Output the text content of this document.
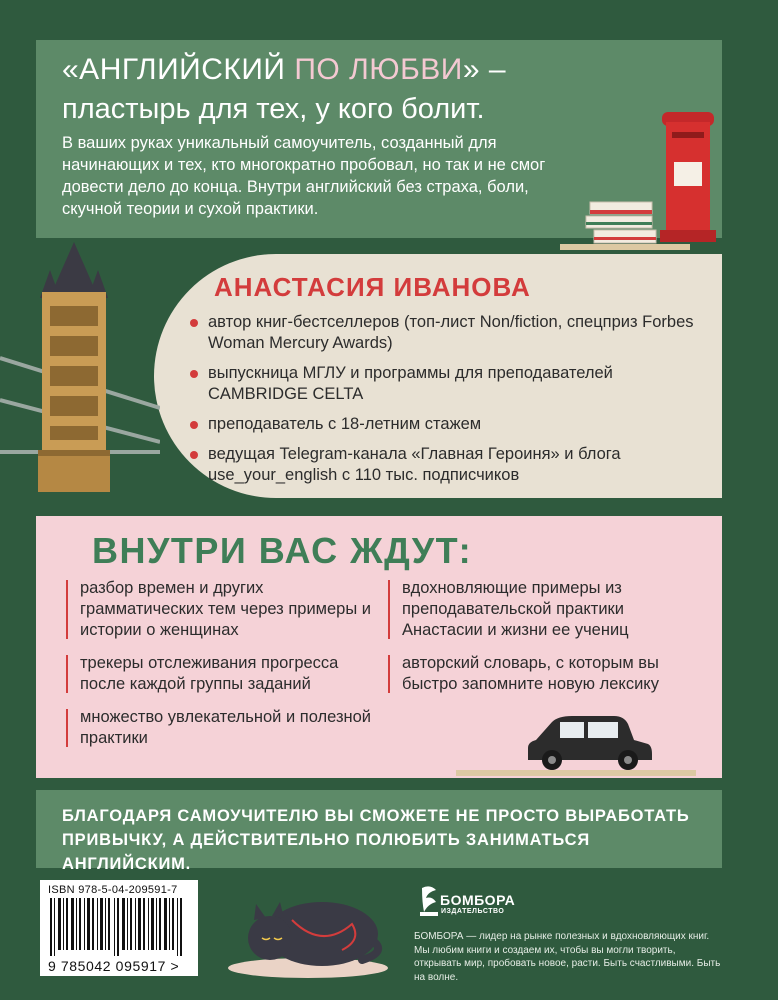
«АНГЛИЙСКИЙ ПО ЛЮБВИ» –
пластырь для тех, у кого болит.
В ваших руках уникальный самоучитель, созданный для начинающих и тех, кто многократно пробовал, но так и не смог довести дело до конца. Внутри английский без страха, боли, скучной теории и сухой практики.
АНАСТАСИЯ ИВАНОВА
автор книг-бестселлеров (топ-лист Non/fiction, спецприз Forbes Woman Mercury Awards)
выпускница МГЛУ и программы для преподавателей CAMBRIDGE CELTA
преподаватель с 18-летним стажем
ведущая Telegram-канала «Главная Героиня» и блога use_your_english с 110 тыс. подписчиков
ВНУТРИ ВАС ЖДУТ:
разбор времен и других грамматических тем через примеры и истории о женщинах
трекеры отслеживания прогресса после каждой группы заданий
множество увлекательной и полезной практики
вдохновляющие примеры из преподавательской практики Анастасии и жизни ее учениц
авторский словарь, с которым вы быстро запомните новую лексику
БЛАГОДАРЯ САМОУЧИТЕЛЮ ВЫ СМОЖЕТЕ НЕ ПРОСТО ВЫРАБОТАТЬ ПРИВЫЧКУ, А ДЕЙСТВИТЕЛЬНО ПОЛЮБИТЬ ЗАНИМАТЬСЯ АНГЛИЙСКИМ.
ISBN 978-5-04-209591-7
9 785042 095917 >
БОМБОРА
ИЗДАТЕЛЬСТВО
БОМБОРА — лидер на рынке полезных и вдохновляющих книг. Мы любим книги и создаем их, чтобы вы могли творить, открывать мир, пробовать новое, расти. Быть счастливыми. Быть на волне.
